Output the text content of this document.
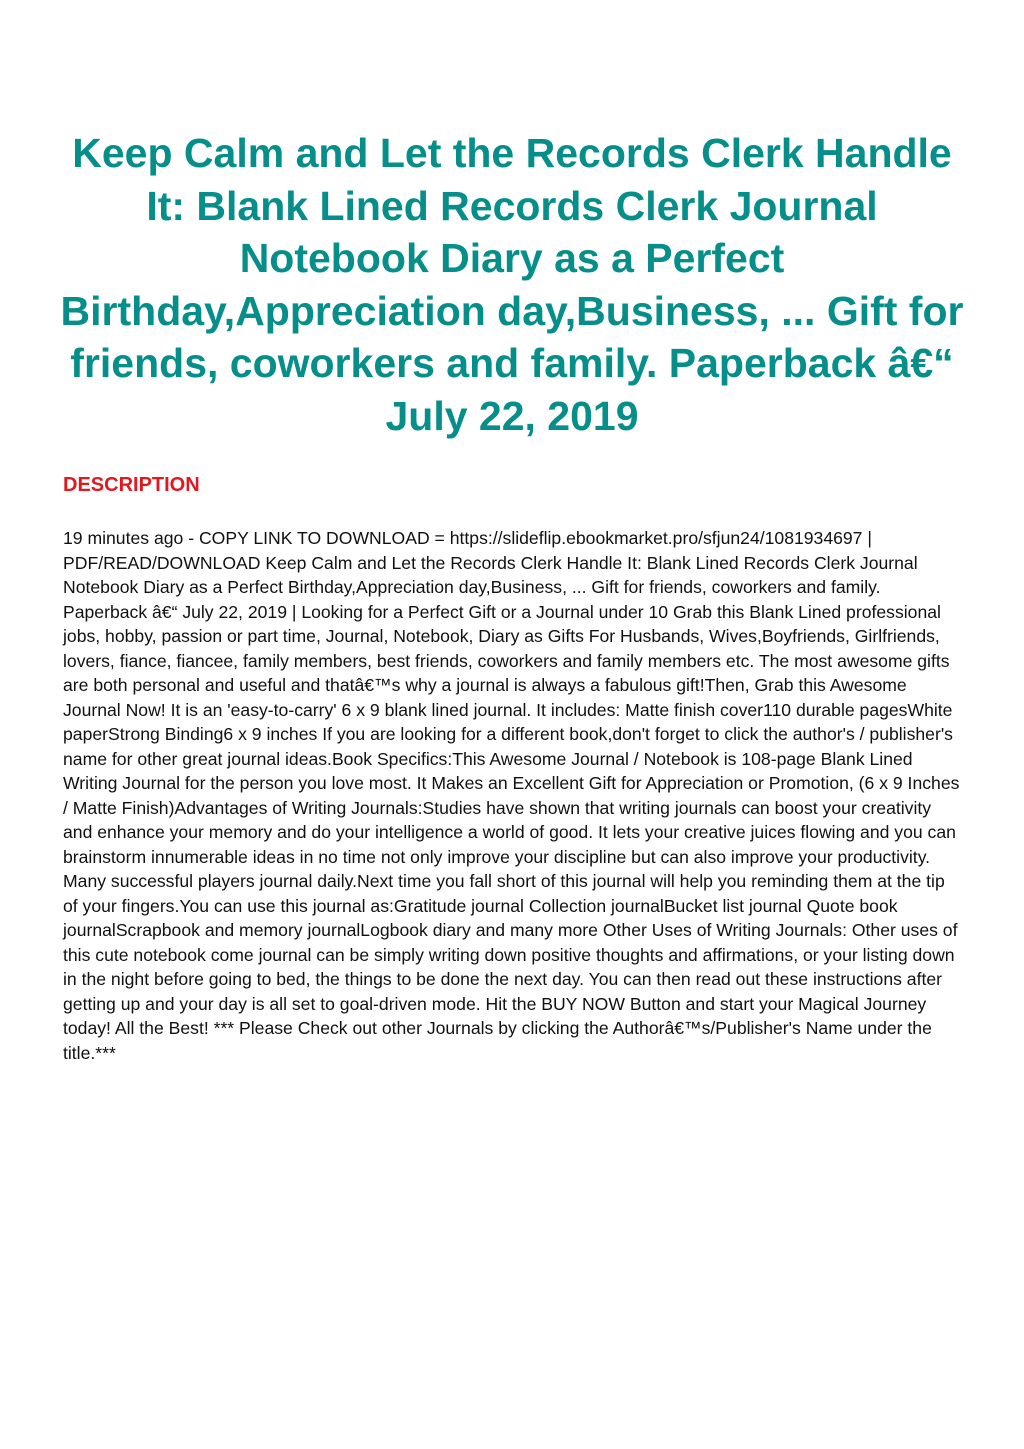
Keep Calm and Let the Records Clerk Handle It: Blank Lined Records Clerk Journal Notebook Diary as a Perfect Birthday,Appreciation day,Business, ... Gift for friends, coworkers and family. Paperback â€“ July 22, 2019
DESCRIPTION

19 minutes ago - COPY LINK TO DOWNLOAD = https://slideflip.ebookmarket.pro/sfjun24/1081934697 | PDF/READ/DOWNLOAD Keep Calm and Let the Records Clerk Handle It: Blank Lined Records Clerk Journal Notebook Diary as a Perfect Birthday,Appreciation day,Business, ... Gift for friends, coworkers and family. Paperback â€“ July 22, 2019 | Looking for a Perfect Gift or a Journal under 10 Grab this Blank Lined professional jobs, hobby, passion or part time, Journal, Notebook, Diary as Gifts For Husbands, Wives,Boyfriends, Girlfriends, lovers, fiance, fiancee, family members, best friends, coworkers and family members etc. The most awesome gifts are both personal and useful and thatâ€™s why a journal is always a fabulous gift!Then, Grab this Awesome Journal Now! It is an 'easy-to-carry' 6 x 9 blank lined journal. It includes: Matte finish cover110 durable pagesWhite paperStrong Binding6 x 9 inches If you are looking for a different book,don't forget to click the author's / publisher's name for other great journal ideas.Book Specifics:This Awesome Journal / Notebook is 108-page Blank Lined Writing Journal for the person you love most. It Makes an Excellent Gift for Appreciation or Promotion, (6 x 9 Inches / Matte Finish)Advantages of Writing Journals:Studies have shown that writing journals can boost your creativity and enhance your memory and do your intelligence a world of good. It lets your creative juices flowing and you can brainstorm innumerable ideas in no time not only improve your discipline but can also improve your productivity. Many successful players journal daily.Next time you fall short of this journal will help you reminding them at the tip of your fingers.You can use this journal as:Gratitude journal Collection journalBucket list journal Quote book journalScrapbook and memory journalLogbook diary and many more Other Uses of Writing Journals: Other uses of this cute notebook come journal can be simply writing down positive thoughts and affirmations, or your listing down in the night before going to bed, the things to be done the next day. You can then read out these instructions after getting up and your day is all set to goal-driven mode. Hit the BUY NOW Button and start your Magical Journey today! All the Best! *** Please Check out other Journals by clicking the Authorâ€™s/Publisher's Name under the title.***
